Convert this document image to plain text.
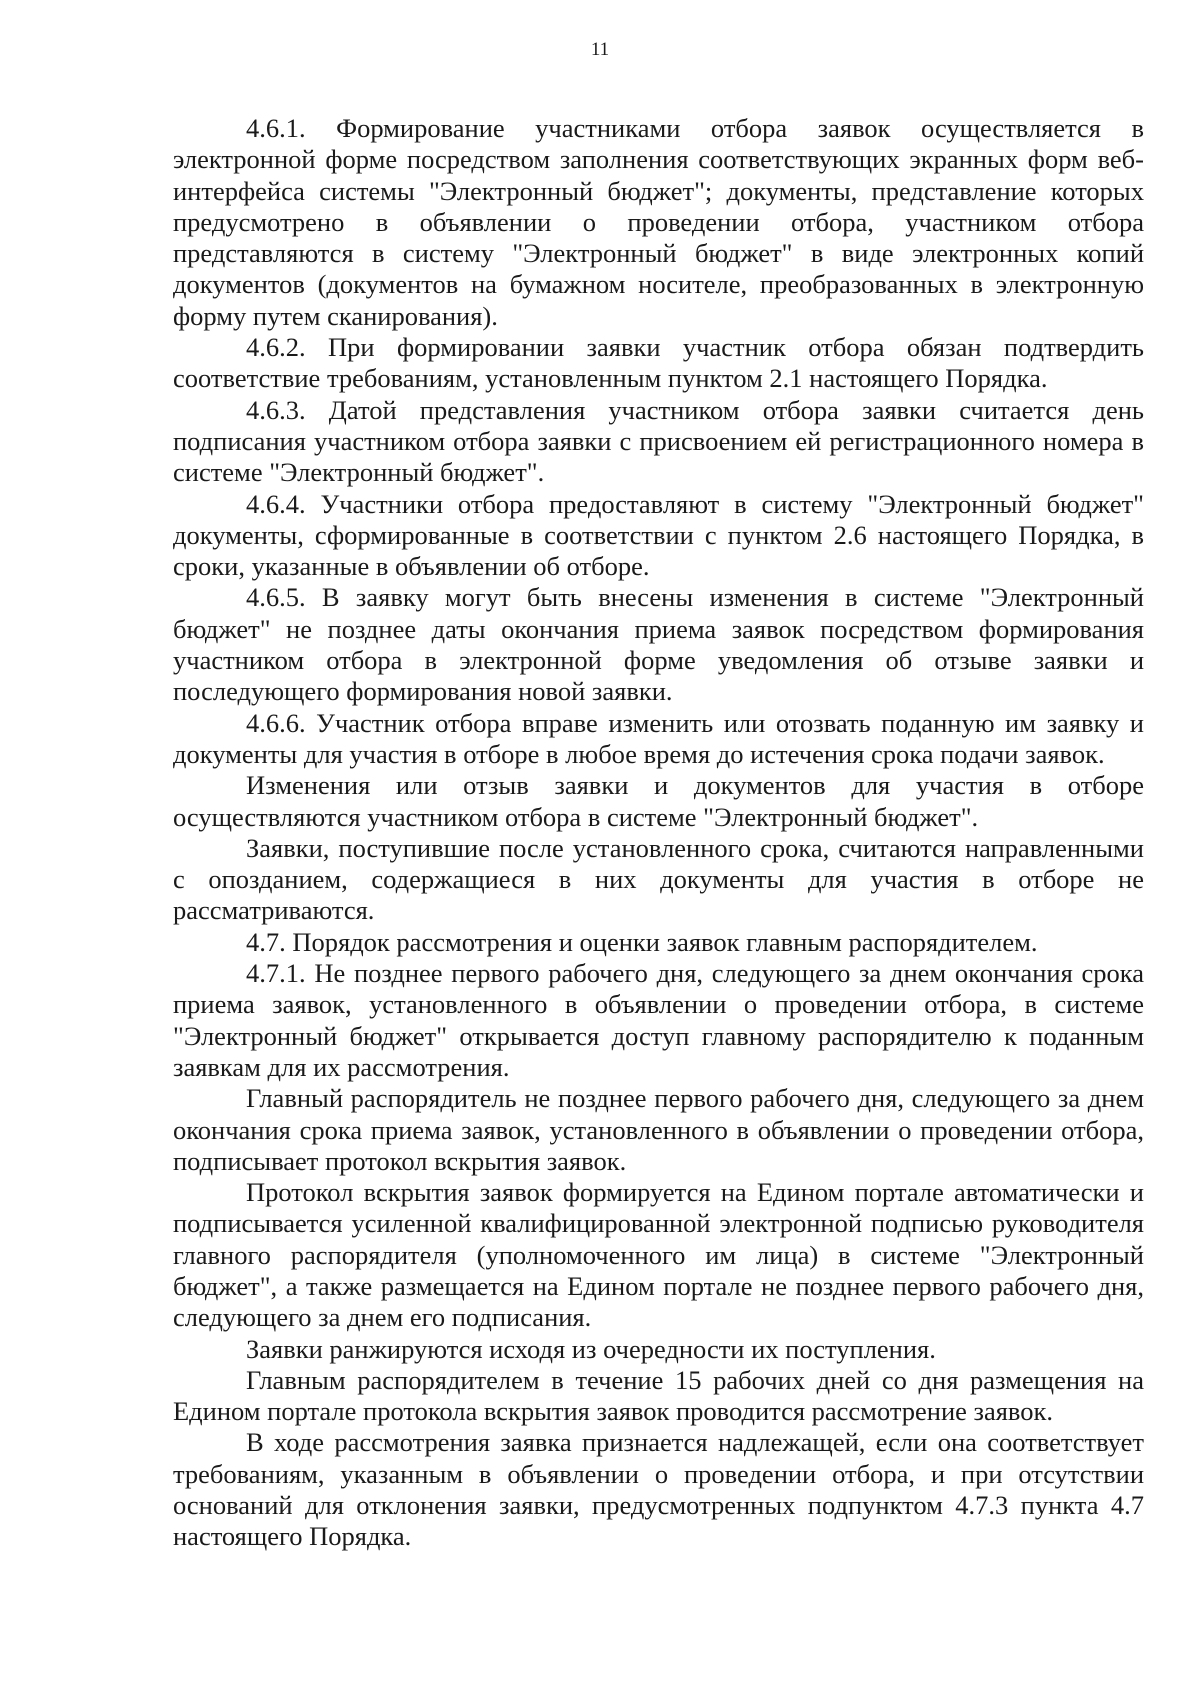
11

4.6.1. Формирование участниками отбора заявок осуществляется в электронной форме посредством заполнения соответствующих экранных форм веб-интерфейса системы "Электронный бюджет"; документы, представление которых предусмотрено в объявлении о проведении отбора, участником отбора представляются в систему "Электронный бюджет" в виде электронных копий документов (документов на бумажном носителе, преобразованных в электронную форму путем сканирования).

4.6.2. При формировании заявки участник отбора обязан подтвердить соответствие требованиям, установленным пунктом 2.1 настоящего Порядка.

4.6.3. Датой представления участником отбора заявки считается день подписания участником отбора заявки с присвоением ей регистрационного номера в системе "Электронный бюджет".

4.6.4. Участники отбора предоставляют в систему "Электронный бюджет" документы, сформированные в соответствии с пунктом 2.6 настоящего Порядка, в сроки, указанные в объявлении об отборе.

4.6.5. В заявку могут быть внесены изменения в системе "Электронный бюджет" не позднее даты окончания приема заявок посредством формирования участником отбора в электронной форме уведомления об отзыве заявки и последующего формирования новой заявки.

4.6.6. Участник отбора вправе изменить или отозвать поданную им заявку и документы для участия в отборе в любое время до истечения срока подачи заявок.

Изменения или отзыв заявки и документов для участия в отборе осуществляются участником отбора в системе "Электронный бюджет".

Заявки, поступившие после установленного срока, считаются направленными с опозданием, содержащиеся в них документы для участия в отборе не рассматриваются.

4.7. Порядок рассмотрения и оценки заявок главным распорядителем.

4.7.1. Не позднее первого рабочего дня, следующего за днем окончания срока приема заявок, установленного в объявлении о проведении отбора, в системе "Электронный бюджет" открывается доступ главному распорядителю к поданным заявкам для их рассмотрения.

Главный распорядитель не позднее первого рабочего дня, следующего за днем окончания срока приема заявок, установленного в объявлении о проведении отбора, подписывает протокол вскрытия заявок.

Протокол вскрытия заявок формируется на Едином портале автоматически и подписывается усиленной квалифицированной электронной подписью руководителя главного распорядителя (уполномоченного им лица) в системе "Электронный бюджет", а также размещается на Едином портале не позднее первого рабочего дня, следующего за днем его подписания.

Заявки ранжируются исходя из очередности их поступления.

Главным распорядителем в течение 15 рабочих дней со дня размещения на Едином портале протокола вскрытия заявок проводится рассмотрение заявок.

В ходе рассмотрения заявка признается надлежащей, если она соответствует требованиям, указанным в объявлении о проведении отбора, и при отсутствии оснований для отклонения заявки, предусмотренных подпунктом 4.7.3 пункта 4.7 настоящего Порядка.
